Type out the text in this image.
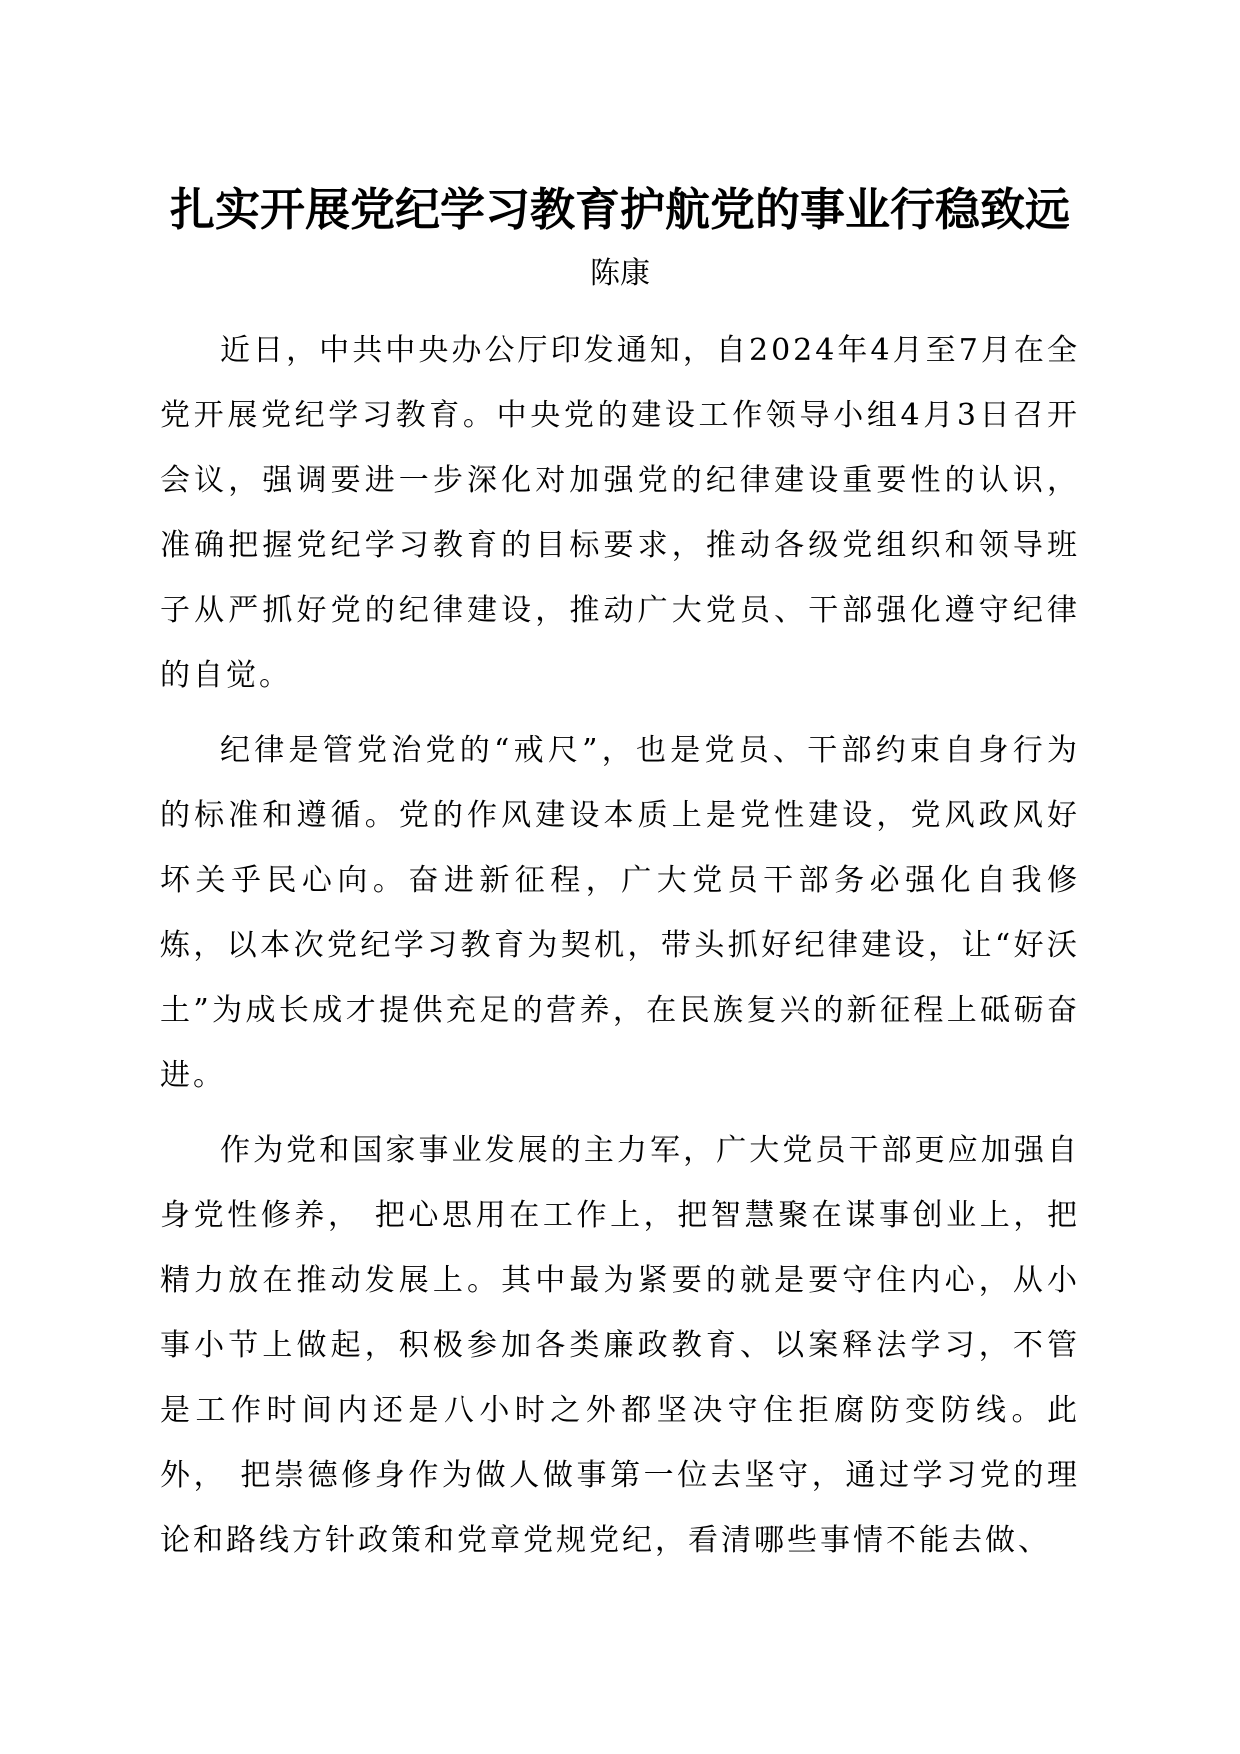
扎实开展党纪学习教育护航党的事业行稳致远
陈康

近日，中共中央办公厅印发通知，自2024年4月至7月在全党开展党纪学习教育。中央党的建设工作领导小组4月3日召开会议，强调要进一步深化对加强党的纪律建设重要性的认识，准确把握党纪学习教育的目标要求，推动各级党组织和领导班子从严抓好党的纪律建设，推动广大党员、干部强化遵守纪律的自觉。

纪律是管党治党的“戒尺”，也是党员、干部约束自身行为的标准和遵循。党的作风建设本质上是党性建设，党风政风好坏关乎民心向。奋进新征程，广大党员干部务必强化自我修炼，以本次党纪学习教育为契机，带头抓好纪律建设，让“好沃土”为成长成才提供充足的营养，在民族复兴的新征程上砥砺奋进。

作为党和国家事业发展的主力军，广大党员干部更应加强自身党性修养， 把心思用在工作上，把智慧聚在谋事创业上，把精力放在推动发展上。其中最为紧要的就是要守住内心，从小事小节上做起，积极参加各类廉政教育、以案释法学习，不管是工作时间内还是八小时之外都坚决守住拒腐防变防线。此外， 把崇德修身作为做人做事第一位去坚守，通过学习党的理论和路线方针政策和党章党规党纪，看清哪些事情不能去做、
